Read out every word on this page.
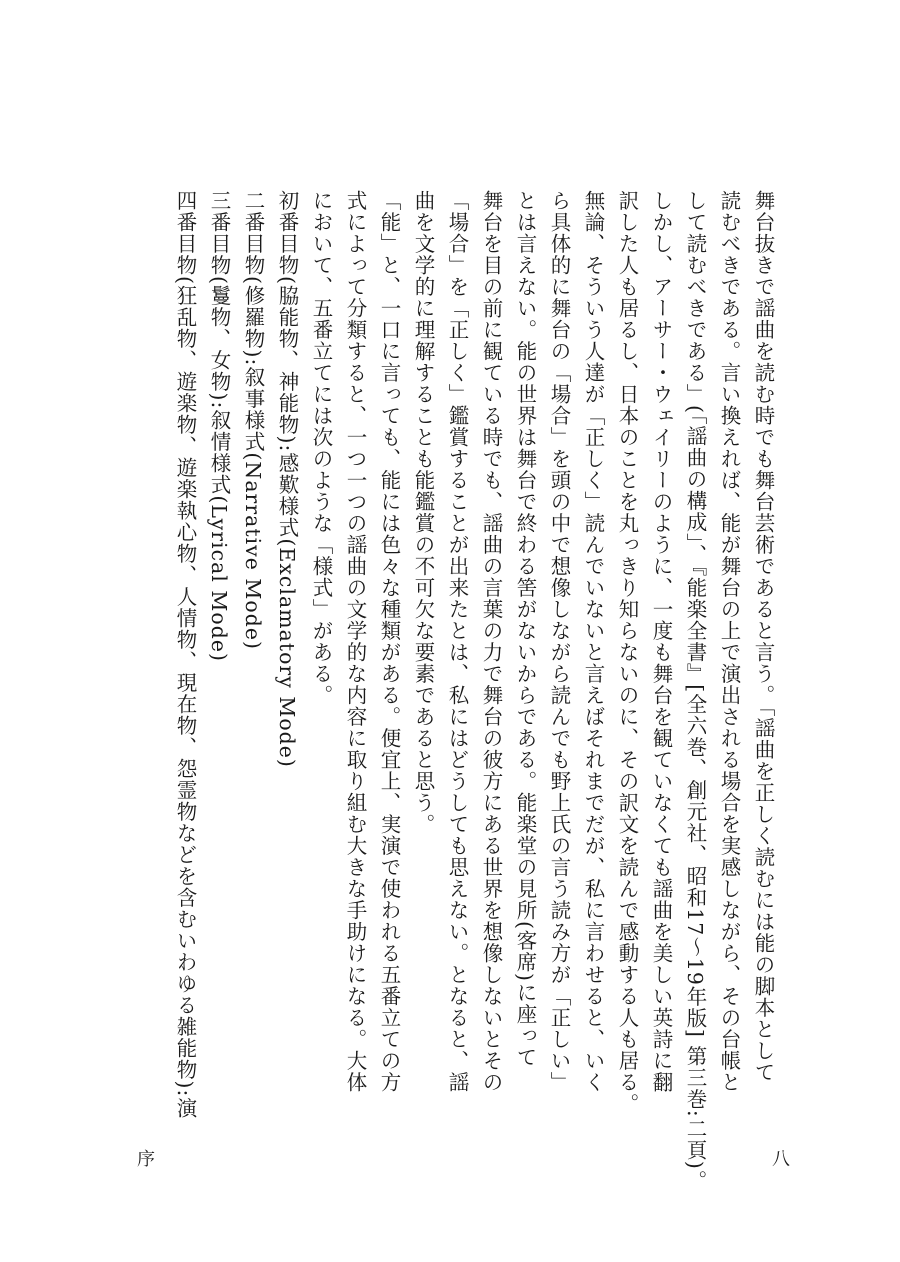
舞台抜きで謡曲を読む時でも舞台芸術であると言う。「謡曲を正しく読むには能の脚本として
読むべきである。言い換えれば、能が舞台の上で演出される場合を実感しながら、その台帳と
して読むべきである」(「謡曲の構成」、『能楽全書』[全六巻、創元社、昭和17〜19年版] 第三巻:二頁)。
しかし、アーサー・ウェイリーのように、一度も舞台を観ていなくても謡曲を美しい英詩に翻
訳した人も居るし、日本のことを丸っきり知らないのに、その訳文を読んで感動する人も居る。
無論、そういう人達が「正しく」読んでいないと言えばそれまでだが、私に言わせると、いく
ら具体的に舞台の「場合」を頭の中で想像しながら読んでも野上氏の言う読み方が「正しい」
とは言えない。能の世界は舞台で終わる筈がないからである。能楽堂の見所(客席)に座って
舞台を目の前に観ている時でも、謡曲の言葉の力で舞台の彼方にある世界を想像しないとその
「場合」を「正しく」鑑賞することが出来たとは、私にはどうしても思えない。となると、謡
曲を文学的に理解することも能鑑賞の不可欠な要素であると思う。
「能」と、一口に言っても、能には色々な種類がある。便宜上、実演で使われる五番立ての方
式によって分類すると、一つ一つの謡曲の文学的な内容に取り組む大きな手助けになる。大体
において、五番立てには次のような「様式」がある。
初番目物(脇能物、神能物):感歎様式(Exclamatory Mode)
二番目物(修羅物):叙事様式(Narrative Mode)
三番目物(鬘物、女物):叙情様式(Lyrical Mode)
四番目物(狂乱物、遊楽物、遊楽執心物、人情物、現在物、怨霊物などを含むいわゆる雑能物):演
序	八
